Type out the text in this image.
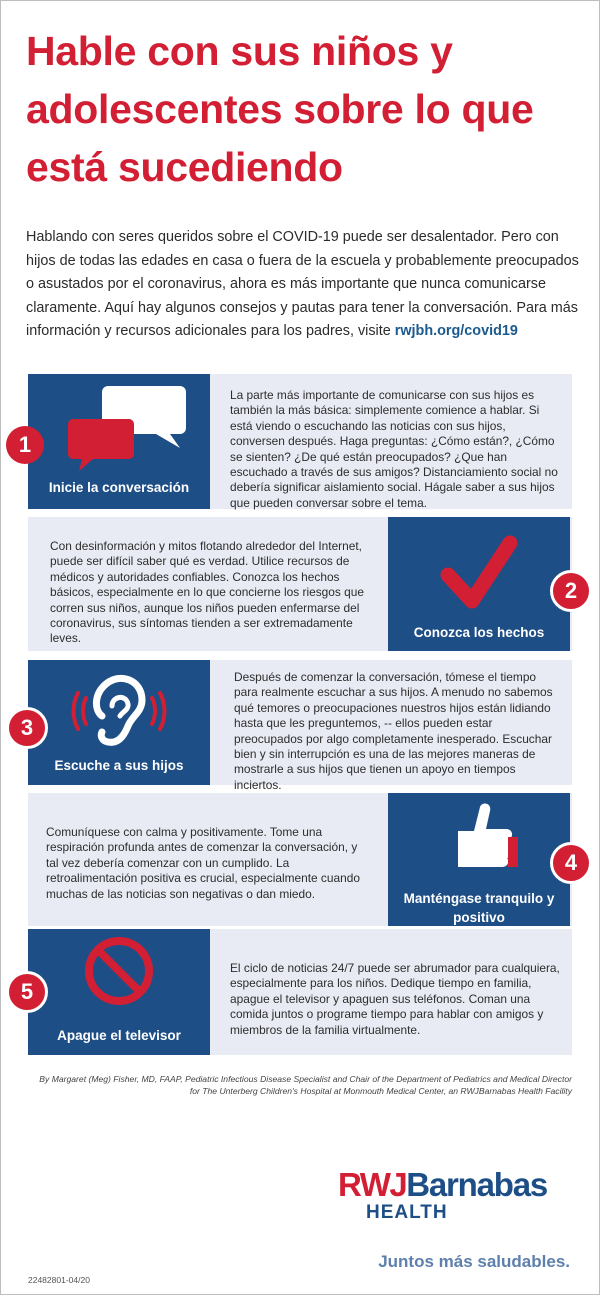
Hable con sus niños y adolescentes sobre lo que está sucediendo

Hablando con seres queridos sobre el COVID-19 puede ser desalentador. Pero con hijos de todas las edades en casa o fuera de la escuela y probablemente preocupados o asustados por el coronavirus, ahora es más importante que nunca comunicarse claramente. Aquí hay algunos consejos y pautas para tener la conversación. Para más información y recursos adicionales para los padres, visite rwjbh.org/covid19

Inicie la conversación
1

La parte más importante de comunicarse con sus hijos es también la más básica: simplemente comience a hablar. Si está viendo o escuchando las noticias con sus hijos, conversen después. Haga preguntas: ¿Cómo están?, ¿Cómo se sienten? ¿De qué están preocupados? ¿Que han escuchado a través de sus amigos? Distanciamiento social no debería significar aislamiento social. Hágale saber a sus hijos que pueden conversar sobre el tema.

Con desinformación y mitos flotando alrededor del Internet, puede ser difícil saber qué es verdad. Utilice recursos de médicos y autoridades confiables. Conozca los hechos básicos, especialmente en lo que concierne los riesgos que corren sus niños, aunque los niños pueden enfermarse del coronavirus, sus síntomas tienden a ser extremadamente leves.	Conozca los hechos
2
Escuche a sus hijos
3

Después de comenzar la conversación, tómese el tiempo para realmente escuchar a sus hijos. A menudo no sabemos qué temores o preocupaciones nuestros hijos están lidiando hasta que les preguntemos, -- ellos pueden estar preocupados por algo completamente inesperado. Escuchar bien y sin interrupción es una de las mejores maneras de mostrarle a sus hijos que tienen un apoyo en tiempos inciertos.

Comuníquese con calma y positivamente. Tome una respiración profunda antes de comenzar la conversación, y tal vez debería comenzar con un cumplido. La retroalimentación positiva es crucial, especialmente cuando muchas de las noticias son negativas o dan miedo.	Manténgase tranquilo y positivo
4
Apague el televisor
5

El ciclo de noticias 24/7 puede ser abrumador para cualquiera, especialmente para los niños. Dedique tiempo en familia, apague el televisor y apaguen sus teléfonos. Coman una comida juntos o programe tiempo para hablar con amigos y miembros de la familia virtualmente.

By Margaret (Meg) Fisher, MD, FAAP, Pediatric Infectious Disease Specialist and Chair of the Department of Pediatrics and Medical Director for The Unterberg Children's Hospital at Monmouth Medical Center, an RWJBarnabas Health Facility

RWJBarnabas
HEALTH
Juntos más saludables.
22482801-04/20
